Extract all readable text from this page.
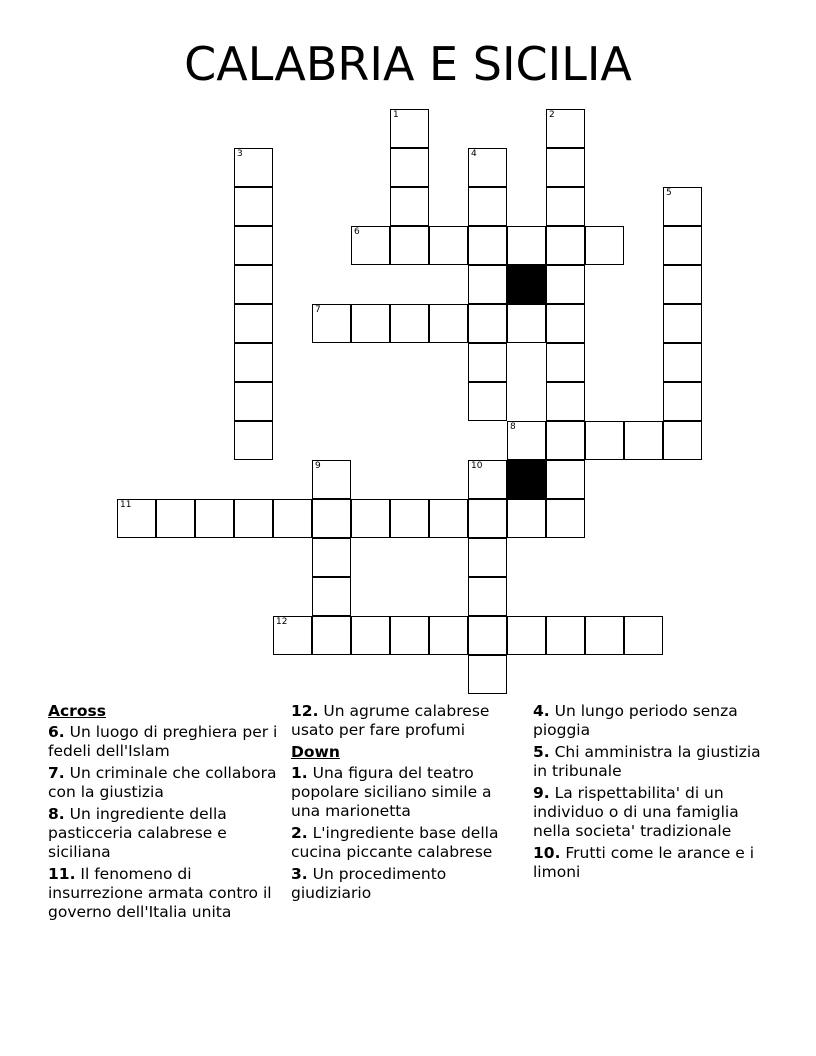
CALABRIA E SICILIA
1	2
3	4
5
6
7
8
9	10
11
12
Across
6. Un luogo di preghiera per i fedeli dell'Islam
7. Un criminale che collabora con la giustizia
8. Un ingrediente della pasticceria calabrese e siciliana
11. Il fenomeno di insurrezione armata contro il governo dell'Italia unita
12. Un agrume calabrese usato per fare profumi
Down
1. Una figura del teatro popolare siciliano simile a una marionetta
2. L'ingrediente base della cucina piccante calabrese
3. Un procedimento giudiziario
4. Un lungo periodo senza pioggia
5. Chi amministra la giustizia in tribunale
9. La rispettabilita' di un individuo o di una famiglia nella societa' tradizionale
10. Frutti come le arance e i limoni
